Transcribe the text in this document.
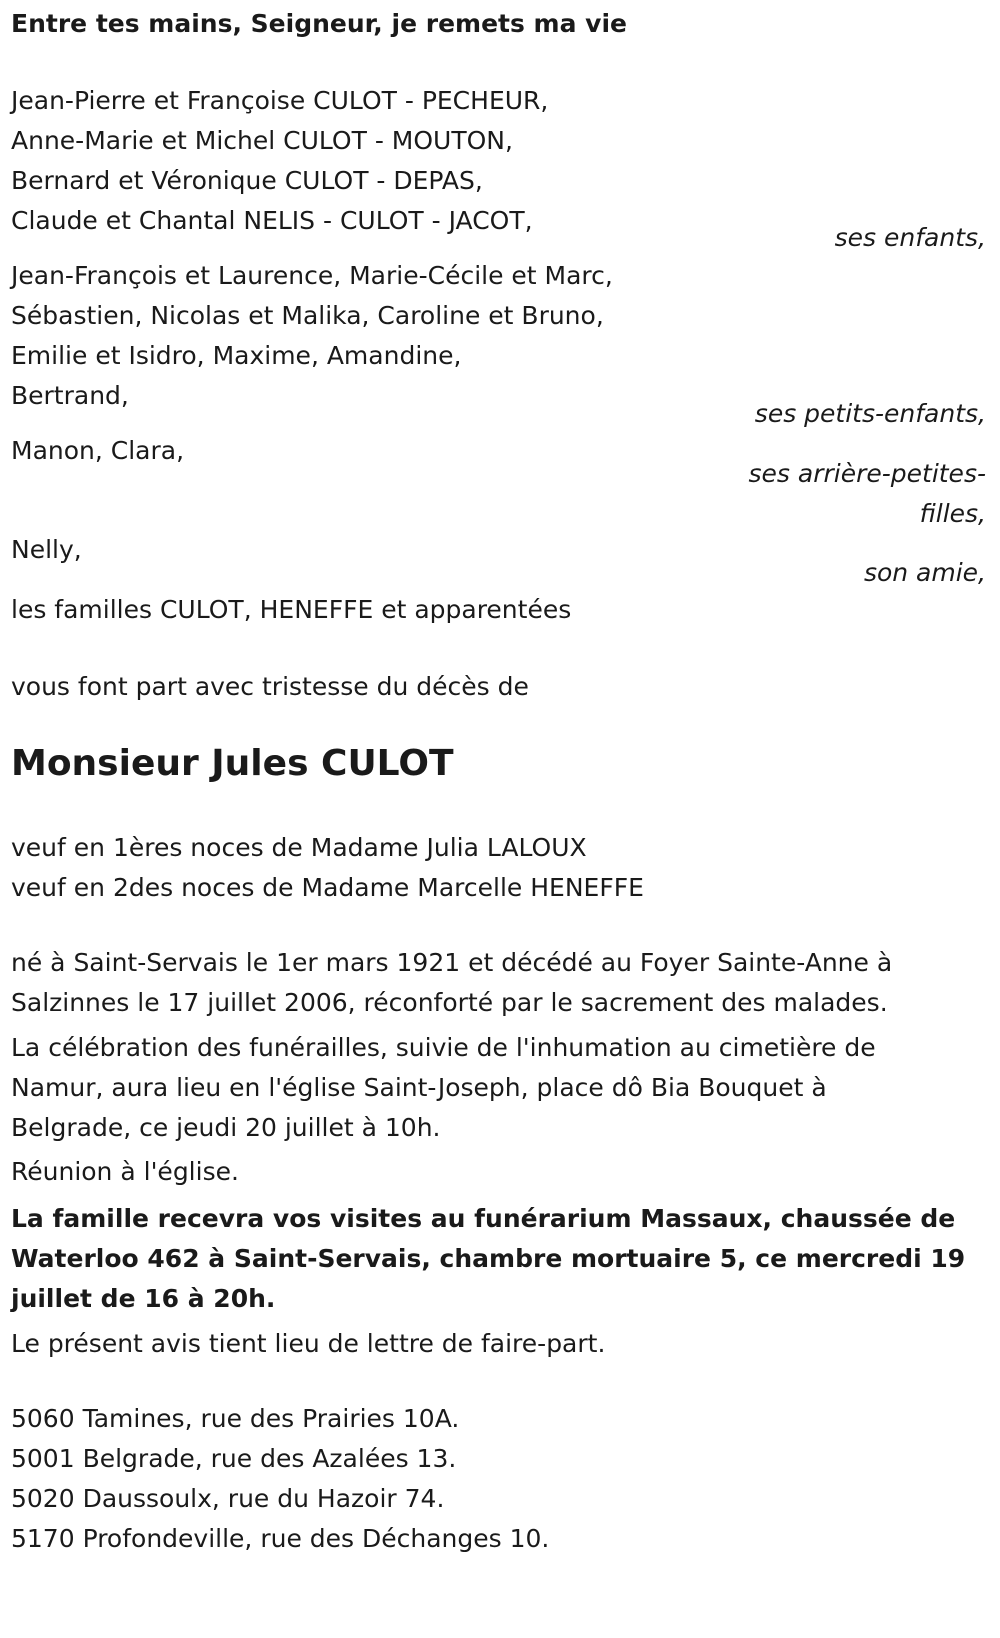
Entre tes mains, Seigneur, je remets ma vie

Jean-Pierre et Françoise CULOT - PECHEUR,
Anne-Marie et Michel CULOT - MOUTON,
Bernard et Véronique CULOT - DEPAS,
Claude et Chantal NELIS - CULOT - JACOT,

ses enfants,

Jean-François et Laurence, Marie-Cécile et Marc,
Sébastien, Nicolas et Malika, Caroline et Bruno,
Emilie et Isidro, Maxime, Amandine,
Bertrand,

ses petits-enfants,

Manon, Clara,
ses arrière-petites-
filles,
Nelly,

son amie,

les familles CULOT, HENEFFE et apparentées

vous font part avec tristesse du décès de

Monsieur Jules CULOT

veuf en 1ères noces de Madame Julia LALOUX
veuf en 2des noces de Madame Marcelle HENEFFE
né à Saint-Servais le 1er mars 1921 et décédé au Foyer Sainte-Anne à
Salzinnes le 17 juillet 2006, réconforté par le sacrement des malades.
La célébration des funérailles, suivie de l'inhumation au cimetière de
Namur, aura lieu en l'église Saint-Joseph, place dô Bia Bouquet à
Belgrade, ce jeudi 20 juillet à 10h.

Réunion à l'église.

La famille recevra vos visites au funérarium Massaux, chaussée de
Waterloo 462 à Saint-Servais, chambre mortuaire 5, ce mercredi 19
juillet de 16 à 20h.

Le présent avis tient lieu de lettre de faire-part.

5060 Tamines, rue des Prairies 10A.
5001 Belgrade, rue des Azalées 13.
5020 Daussoulx, rue du Hazoir 74.
5170 Profondeville, rue des Déchanges 10.
